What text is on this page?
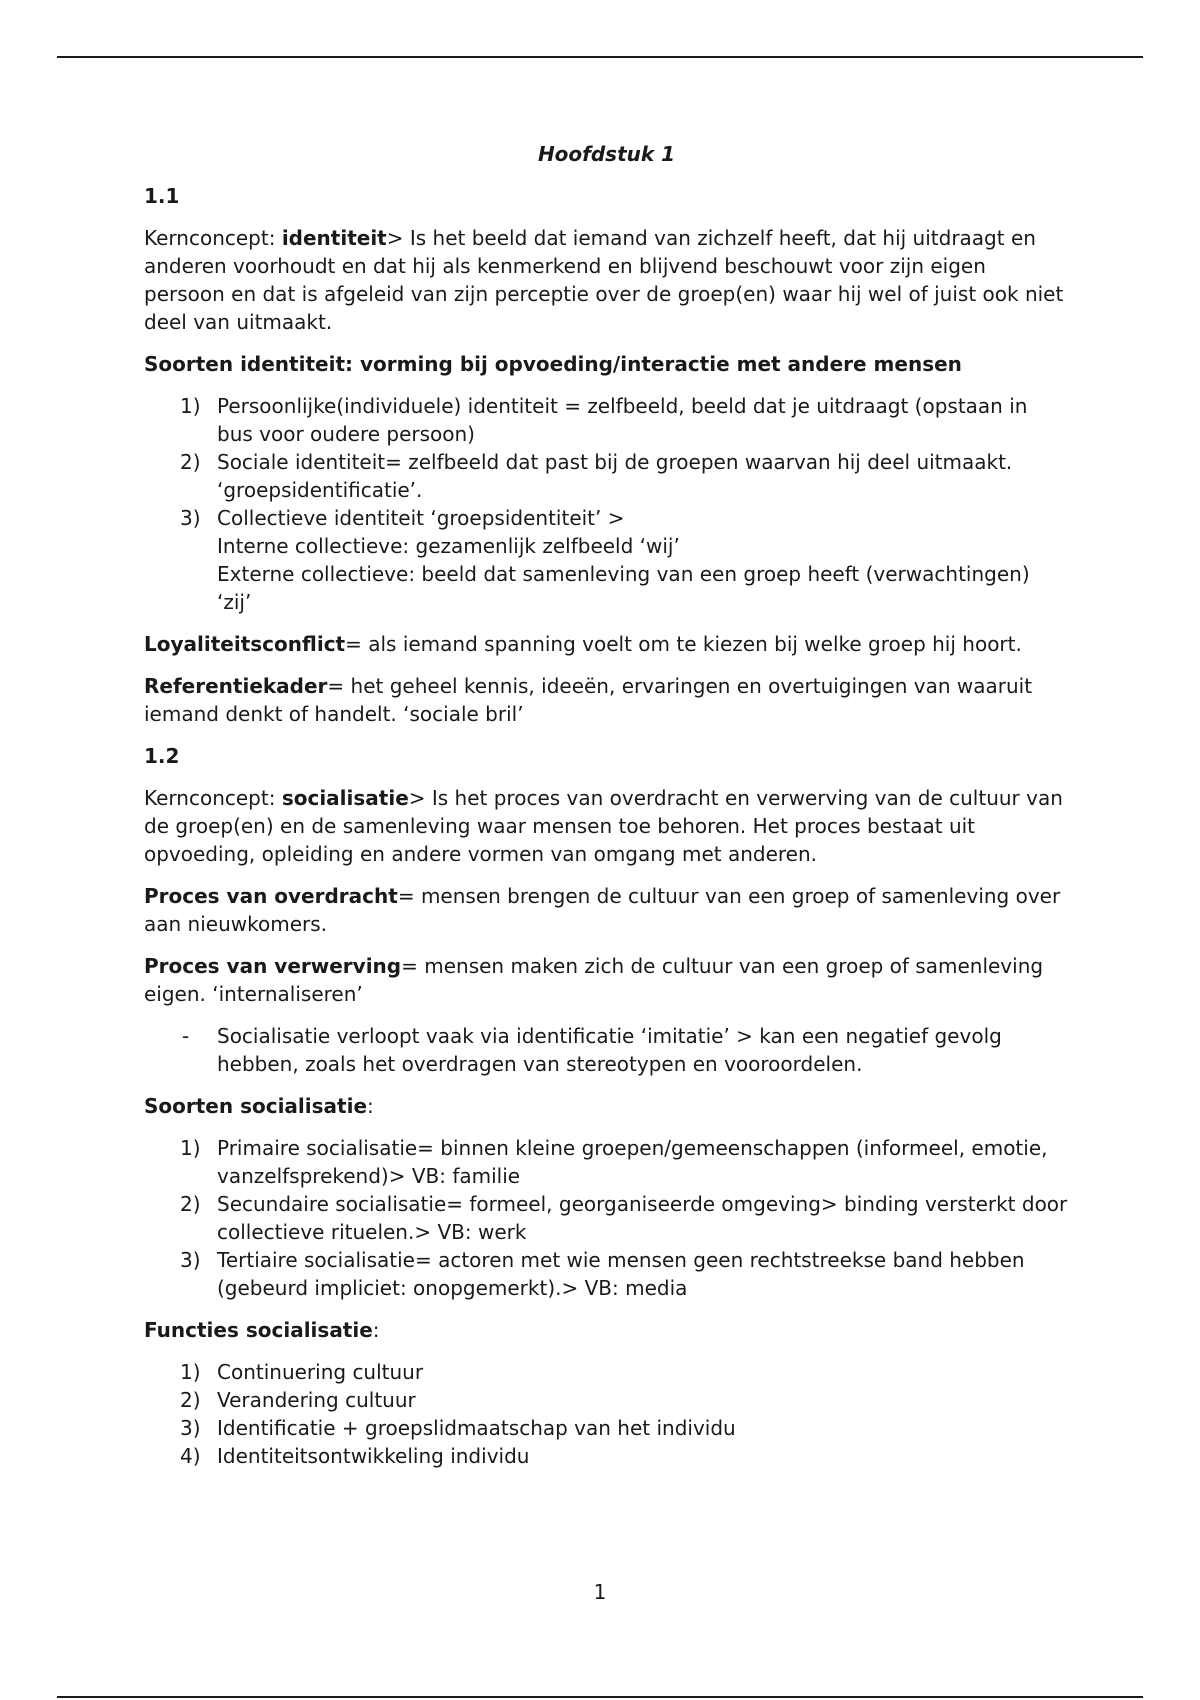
Hoofdstuk 1
1.1

Kernconcept: identiteit> Is het beeld dat iemand van zichzelf heeft, dat hij uitdraagt en anderen voorhoudt en dat hij als kenmerkend en blijvend beschouwt voor zijn eigen persoon en dat is afgeleid van zijn perceptie over de groep(en) waar hij wel of juist ook niet deel van uitmaakt.

Soorten identiteit: vorming bij opvoeding/interactie met andere mensen

1) Persoonlijke(individuele) identiteit = zelfbeeld, beeld dat je uitdraagt (opstaan in bus voor oudere persoon)
2) Sociale identiteit= zelfbeeld dat past bij de groepen waarvan hij deel uitmaakt. ‘groepsidentificatie’.
3) Collectieve identiteit ‘groepsidentiteit’ >
Interne collectieve: gezamenlijk zelfbeeld ‘wij’
Externe collectieve: beeld dat samenleving van een groep heeft (verwachtingen) ‘zij’

Loyaliteitsconflict= als iemand spanning voelt om te kiezen bij welke groep hij hoort.

Referentiekader= het geheel kennis, ideeën, ervaringen en overtuigingen van waaruit iemand denkt of handelt. ‘sociale bril’

1.2

Kernconcept: socialisatie> Is het proces van overdracht en verwerving van de cultuur van de groep(en) en de samenleving waar mensen toe behoren. Het proces bestaat uit opvoeding, opleiding en andere vormen van omgang met anderen.

Proces van overdracht= mensen brengen de cultuur van een groep of samenleving over aan nieuwkomers.

Proces van verwerving= mensen maken zich de cultuur van een groep of samenleving eigen. ‘internaliseren’

- Socialisatie verloopt vaak via identificatie ‘imitatie’ > kan een negatief gevolg hebben, zoals het overdragen van stereotypen en vooroordelen.

Soorten socialisatie:

1) Primaire socialisatie= binnen kleine groepen/gemeenschappen (informeel, emotie, vanzelfsprekend)> VB: familie
2) Secundaire socialisatie= formeel, georganiseerde omgeving> binding versterkt door collectieve rituelen.> VB: werk
3) Tertiaire socialisatie= actoren met wie mensen geen rechtstreekse band hebben (gebeurd impliciet: onopgemerkt).> VB: media

Functies socialisatie:

1) Continuering cultuur
2) Verandering cultuur
3) Identificatie + groepslidmaatschap van het individu
4) Identiteitsontwikkeling individu
1
